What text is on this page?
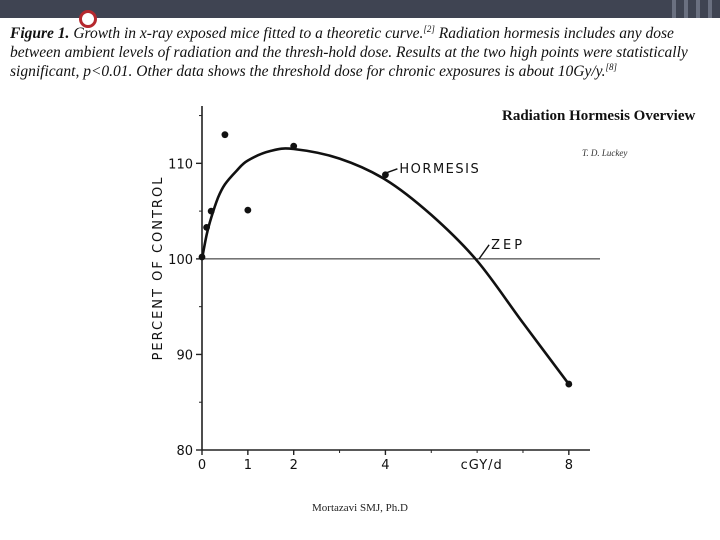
Figure 1. Growth in x-ray exposed mice fitted to a theoretic curve.[2] Radiation hormesis includes any dose between ambient levels of radiation and the thresh-hold dose. Results at the two high points were statistically significant, p<0.01. Other data shows the threshold dose for chronic exposures is about 10Gy/y.[8]
80
90
100
110
0	1	2	4	8
cGY/d
PERCENT OF CONTROL
HORMESIS
ZEP
Radiation Hormesis Overview
T. D. Luckey
Mortazavi SMJ, Ph.D
